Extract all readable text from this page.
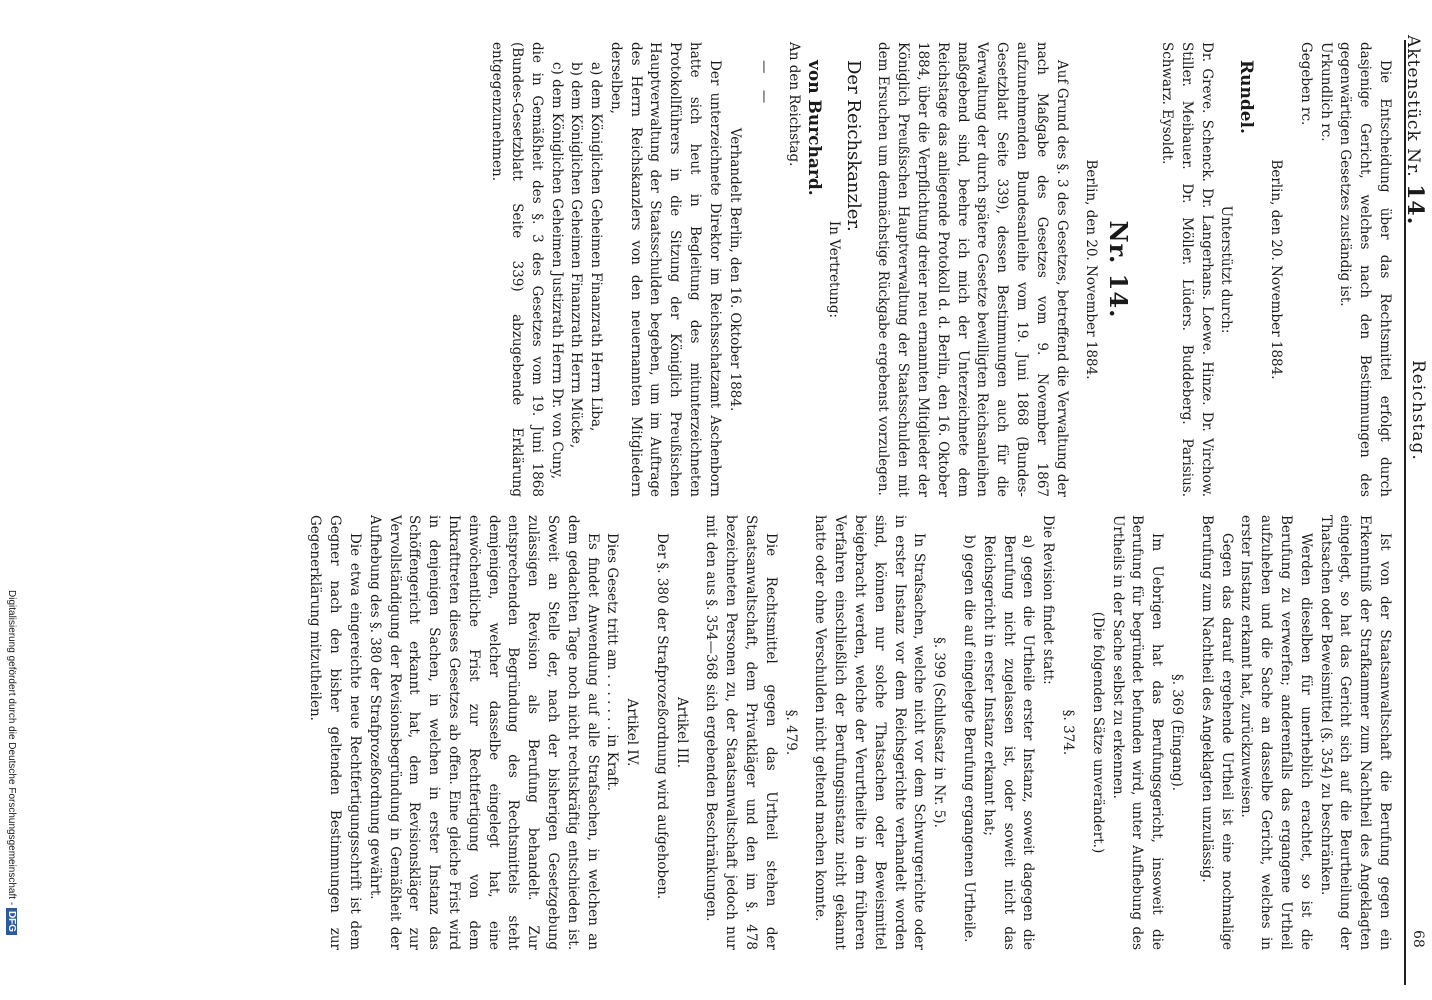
68
Reichstag.
Aktenstück Nr. 14.

Ist von der Staatsanwaltschaft die Berufung gegen ein Erkenntniß der Strafkammer zum Nachtheil des Angeklagten eingelegt, so hat das Gericht sich auf die Beurtheilung der Thatsachen oder Beweismittel (§. 354) zu beschränken.

Werden dieselben für unerheblich erachtet, so ist die Berufung zu verwerfen; anderenfalls das ergangene Urtheil aufzuheben und die Sache an dasselbe Gericht, welches in erster Instanz erkannt hat, zurückzuweisen.

Gegen das darauf ergehende Urtheil ist eine nochmalige Berufung zum Nachtheil des Angeklagten unzulässig.

§. 369 (Eingang).

Im Uebrigen hat das Berufungsgericht, insoweit die Berufung für begründet befunden wird, unter Aufhebung des Urtheils in der Sache selbst zu erkennen.

(Die folgenden Sätze unverändert.)

§. 374.

Die Revision findet statt:

a) gegen die Urtheile erster Instanz, soweit dagegen die Berufung nicht zugelassen ist, oder soweit nicht das Reichsgericht in erster Instanz erkannt hat;

b) gegen die auf eingelegte Berufung ergangenen Urtheile.

§. 399 (Schlußsatz in Nr. 5).

In Strafsachen, welche nicht vor dem Schwurgerichte oder in erster Instanz vor dem Reichsgerichte verhandelt worden sind, können nur solche Thatsachen oder Beweismittel beigebracht werden, welche der Verurtheilte in dem früheren Verfahren einschließlich der Berufungsinstanz nicht gekannt hatte oder ohne Verschulden nicht geltend machen konnte.

§. 479.

Die Rechtsmittel gegen das Urtheil stehen der Staatsanwaltschaft, dem Privatkläger und den im §. 478 bezeichneten Personen zu, der Staatsanwaltschaft jedoch nur mit den aus §. 354—368 sich ergebenden Beschränkungen.

Artikel III.

Der §. 380 der Strafprozeßordnung wird aufgehoben.

Artikel IV.

Dies Gesetz tritt am . . . . . . . in Kraft.

Es findet Anwendung auf alle Strafsachen, in welchen an dem gedachten Tage noch nicht rechtskräftig entschieden ist. Soweit an Stelle der, nach der bisherigen Gesetzgebung zulässigen Revision als Berufung behandelt. Zur entsprechenden Begründung des Rechtsmittels steht demjenigen, welcher dasselbe eingelegt hat, eine einwöchentliche Frist zur Rechtfertigung von dem Inkrafttreten dieses Gesetzes ab offen. Eine gleiche Frist wird in denjenigen Sachen, in welchen in erster Instanz das Schöffengericht erkannt hat, dem Revisionskläger zur Vervollständigung der Revisionsbegründung in Gemäßheit der Aufhebung des §. 380 der Strafprozeßordnung gewährt.

Die etwa eingereichte neue Rechtfertigungsschrift ist dem Gegner nach den bisher geltenden Bestimmungen zur Gegenerklärung mitzutheilen.

Die Entscheidung über das Rechtsmittel erfolgt durch dasjenige Gericht, welches nach den Bestimmungen des gegenwärtigen Gesetzes zuständig ist.

Urkundlich rc.

Gegeben rc.

Berlin, den 20. November 1884.

Rundel.

Unterstützt durch:

Dr. Greve. Schenck. Dr. Langerhans. Loewe. Hinze. Dr. Virchow. Stiller. Meibauer. Dr. Möller. Lüders. Buddeberg. Parisius. Schwarz. Eysoldt.

Nr. 14.

Berlin, den 20. November 1884.

Auf Grund des §. 3 des Gesetzes, betreffend die Verwaltung der nach Maßgabe des Gesetzes vom 9. November 1867 aufzunehmenden Bundesanleihe vom 19. Juni 1868 (Bundes-Gesetzblatt Seite 339), dessen Bestimmungen auch für die Verwaltung der durch spätere Gesetze bewilligten Reichsanleihen maßgebend sind, beehre ich mich der Unterzeichnete dem Reichstage das anliegende Protokoll d. d. Berlin, den 16. Oktober 1884, über die Verpflichtung dreier neu ernannten Mitglieder der Königlich Preußischen Hauptverwaltung der Staatsschulden mit dem Ersuchen um demnächstige Rückgabe ergebenst vorzulegen.

Der Reichskanzler.

In Vertretung:

von Burchard.

An den Reichstag.

— —

Verhandelt Berlin, den 16. Oktober 1884.

Der unterzeichnete Direktor im Reichsschatzamt Aschenborn hatte sich heut in Begleitung des mitunterzeichneten Protokollführers in die Sitzung der Königlich Preußischen Hauptverwaltung der Staatsschulden begeben, um im Auftrage des Herrn Reichskanzlers von den neuernannten Mitgliedern derselben,

a) dem Königlichen Geheimen Finanzrath Herrn Liba,

b) dem Königlichen Geheimen Finanzrath Herrn Mücke,

c) dem Königlichen Geheimen Justizrath Herrn Dr. von Cuny,

die in Gemäßheit des §. 3 des Gesetzes vom 19. Juni 1868 (Bundes-Gesetzblatt Seite 339) abzugebende Erklärung entgegenzunehmen.

Digitalisierung gefördert durch die Deutsche Forschungsgemeinschaft - DFG
